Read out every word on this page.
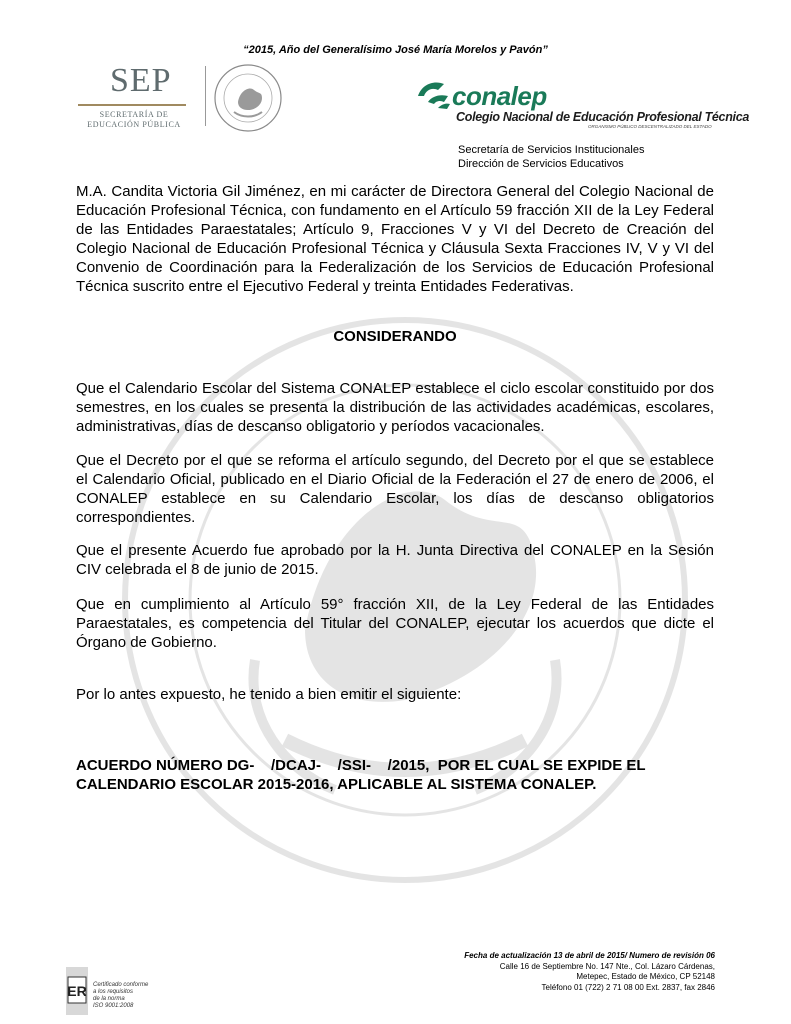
“2015, Año del Generalísimo José María Morelos y Pavón”
SEP
SECRETARÍA DE
EDUCACIÓN PÚBLICA
conalep
Colegio Nacional de Educación Profesional Técnica
ORGANISMO PÚBLICO DESCENTRALIZADO DEL ESTADO
Secretaría de Servicios Institucionales
Dirección de Servicios Educativos
M.A. Candita Victoria Gil Jiménez, en mi carácter de Directora General del Colegio Nacional de Educación Profesional Técnica, con fundamento en el Artículo 59 fracción XII de la Ley Federal de las Entidades Paraestatales; Artículo 9, Fracciones V y VI del Decreto de Creación del Colegio Nacional de Educación Profesional Técnica y Cláusula Sexta Fracciones IV, V y VI del Convenio de Coordinación para la Federalización de los Servicios de Educación Profesional Técnica suscrito entre el Ejecutivo Federal y treinta Entidades Federativas.
CONSIDERANDO
Que el Calendario Escolar del Sistema CONALEP establece el ciclo escolar constituido por dos semestres, en los cuales se presenta la distribución de las actividades académicas, escolares, administrativas, días de descanso obligatorio y períodos vacacionales.
Que el Decreto por el que se reforma el artículo segundo, del Decreto por el que se establece el Calendario Oficial, publicado en el Diario Oficial de la Federación el 27 de enero de 2006, el CONALEP establece en su Calendario Escolar, los días de descanso obligatorios correspondientes.
Que el presente Acuerdo fue aprobado por la H. Junta Directiva del CONALEP en la Sesión CIV celebrada el 8 de junio de 2015.
Que en cumplimiento al Artículo 59° fracción XII, de la Ley Federal de las Entidades Paraestatales, es competencia del Titular del CONALEP, ejecutar los acuerdos que dicte el Órgano de Gobierno.
Por lo antes expuesto, he tenido a bien emitir el siguiente:
ACUERDO NÚMERO DG-    /DCAJ-    /SSI-    /2015,  POR EL CUAL SE EXPIDE EL
CALENDARIO ESCOLAR 2015-2016, APLICABLE AL SISTEMA CONALEP.
Fecha de actualización 13 de abril de 2015/ Numero de revisión 06
Calle 16 de Septiembre No. 147 Nte., Col. Lázaro Cárdenas,
Metepec, Estado de México, CP 52148
Teléfono 01 (722) 2 71 08 00 Ext. 2837, fax 2846
ER Certificado conforme
a los requisitos
de la norma
ISO 9001:2008
